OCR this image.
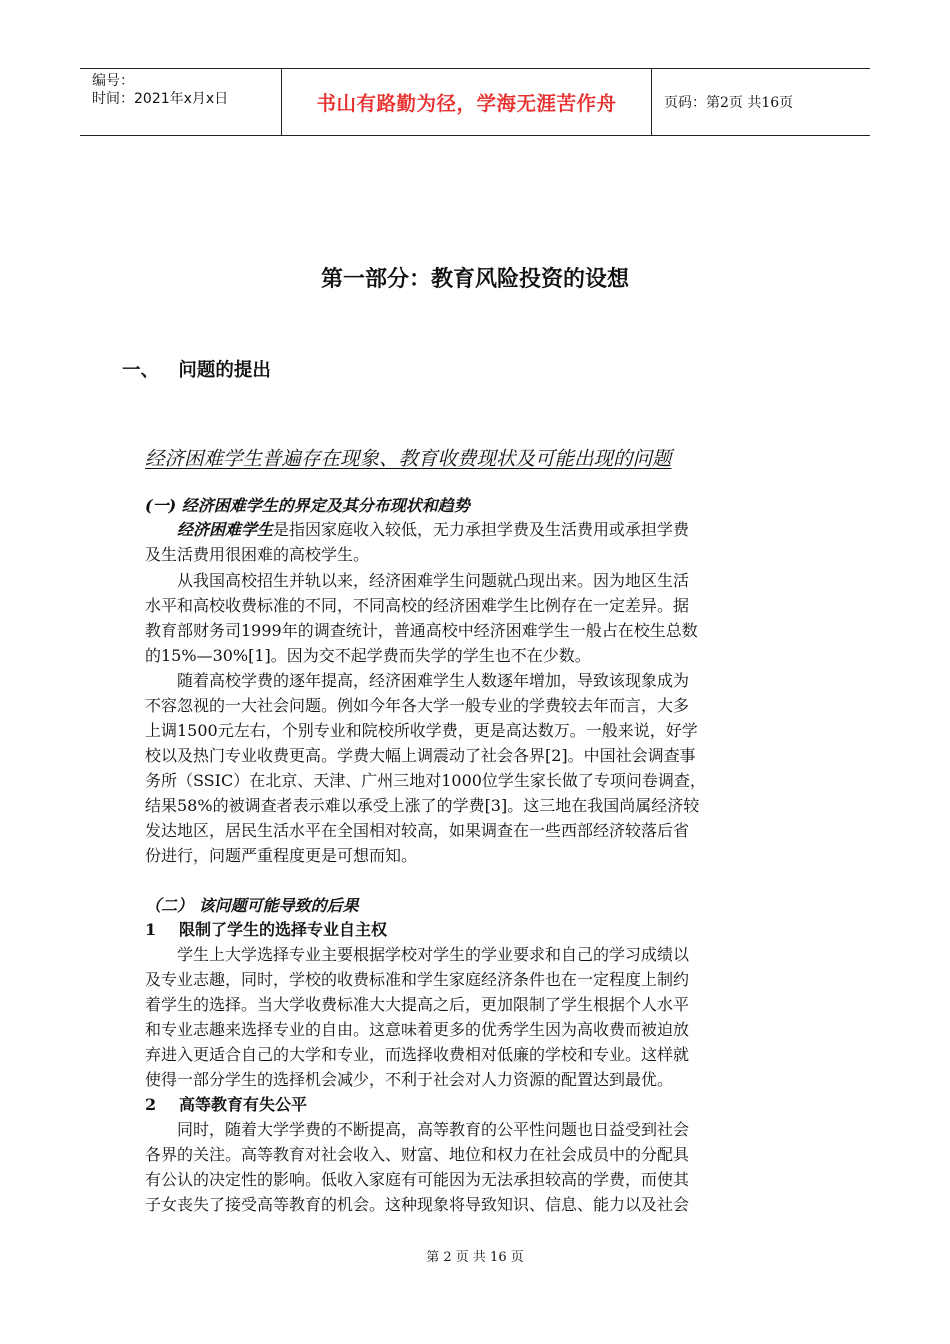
编号：
时间：2021年x月x日	书山有路勤为径，学海无涯苦作舟	页码：第2页 共16页
第一部分：教育风险投资的设想
一、   问题的提出
经济困难学生普遍存在现象、教育收费现状及可能出现的问题
(一) 经济困难学生的界定及其分布现状和趋势
经济困难学生是指因家庭收入较低，无力承担学费及生活费用或承担学费
及生活费用很困难的高校学生。
从我国高校招生并轨以来，经济困难学生问题就凸现出来。因为地区生活
水平和高校收费标准的不同，不同高校的经济困难学生比例存在一定差异。据
教育部财务司1999年的调查统计，普通高校中经济困难学生一般占在校生总数
的15%—30%[1]。因为交不起学费而失学的学生也不在少数。
随着高校学费的逐年提高，经济困难学生人数逐年增加，导致该现象成为
不容忽视的一大社会问题。例如今年各大学一般专业的学费较去年而言，大多
上调1500元左右，个别专业和院校所收学费，更是高达数万。一般来说，好学
校以及热门专业收费更高。学费大幅上调震动了社会各界[2]。中国社会调查事
务所（SSIC）在北京、天津、广州三地对1000位学生家长做了专项问卷调查，
结果58%的被调查者表示难以承受上涨了的学费[3]。这三地在我国尚属经济较
发达地区，居民生活水平在全国相对较高，如果调查在一些西部经济较落后省
份进行，问题严重程度更是可想而知。
（二） 该问题可能导致的后果
1 限制了学生的选择专业自主权
学生上大学选择专业主要根据学校对学生的学业要求和自己的学习成绩以
及专业志趣，同时，学校的收费标准和学生家庭经济条件也在一定程度上制约
着学生的选择。当大学收费标准大大提高之后，更加限制了学生根据个人水平
和专业志趣来选择专业的自由。这意味着更多的优秀学生因为高收费而被迫放
弃进入更适合自己的大学和专业，而选择收费相对低廉的学校和专业。这样就
使得一部分学生的选择机会减少，不利于社会对人力资源的配置达到最优。
2 高等教育有失公平
同时，随着大学学费的不断提高，高等教育的公平性问题也日益受到社会
各界的关注。高等教育对社会收入、财富、地位和权力在社会成员中的分配具
有公认的决定性的影响。低收入家庭有可能因为无法承担较高的学费，而使其
子女丧失了接受高等教育的机会。这种现象将导致知识、信息、能力以及社会
第 2 页 共 16 页
